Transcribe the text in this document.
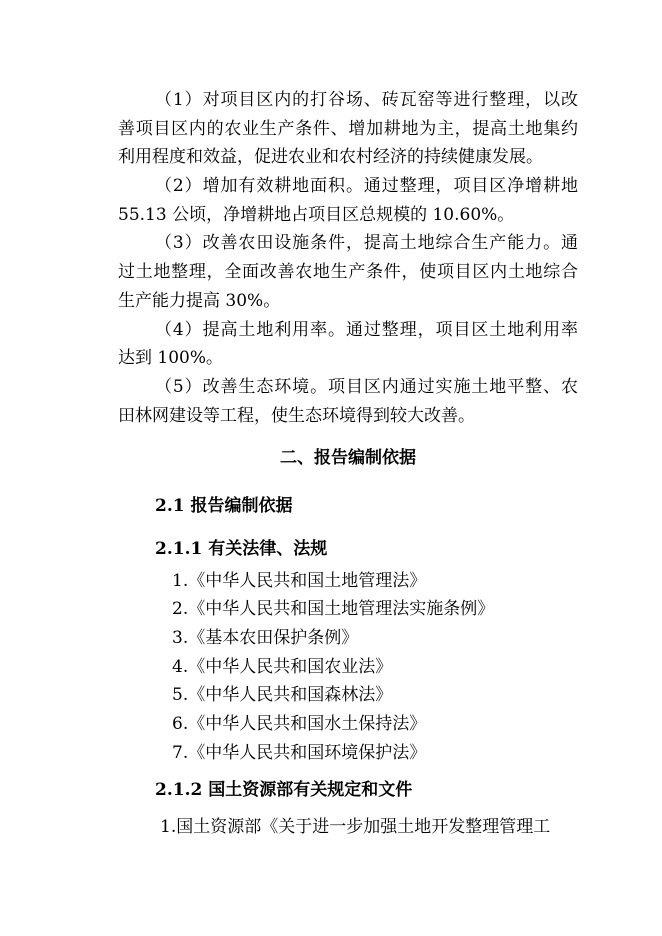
（1）对项目区内的打谷场、砖瓦窑等进行整理，以改
善项目区内的农业生产条件、增加耕地为主，提高土地集约
利用程度和效益，促进农业和农村经济的持续健康发展。
（2）增加有效耕地面积。通过整理，项目区净增耕地
55.13 公顷，净增耕地占项目区总规模的 10.60%。
（3）改善农田设施条件，提高土地综合生产能力。通
过土地整理，全面改善农地生产条件，使项目区内土地综合
生产能力提高 30%。
（4）提高土地利用率。通过整理，项目区土地利用率
达到 100%。
（5）改善生态环境。项目区内通过实施土地平整、农
田林网建设等工程，使生态环境得到较大改善。
二、报告编制依据
2.1 报告编制依据
2.1.1 有关法律、法规
1.《中华人民共和国土地管理法》
2.《中华人民共和国土地管理法实施条例》
3.《基本农田保护条例》
4.《中华人民共和国农业法》
5.《中华人民共和国森林法》
6.《中华人民共和国水土保持法》
7.《中华人民共和国环境保护法》
2.1.2 国土资源部有关规定和文件
1.国土资源部《关于进一步加强土地开发整理管理工
